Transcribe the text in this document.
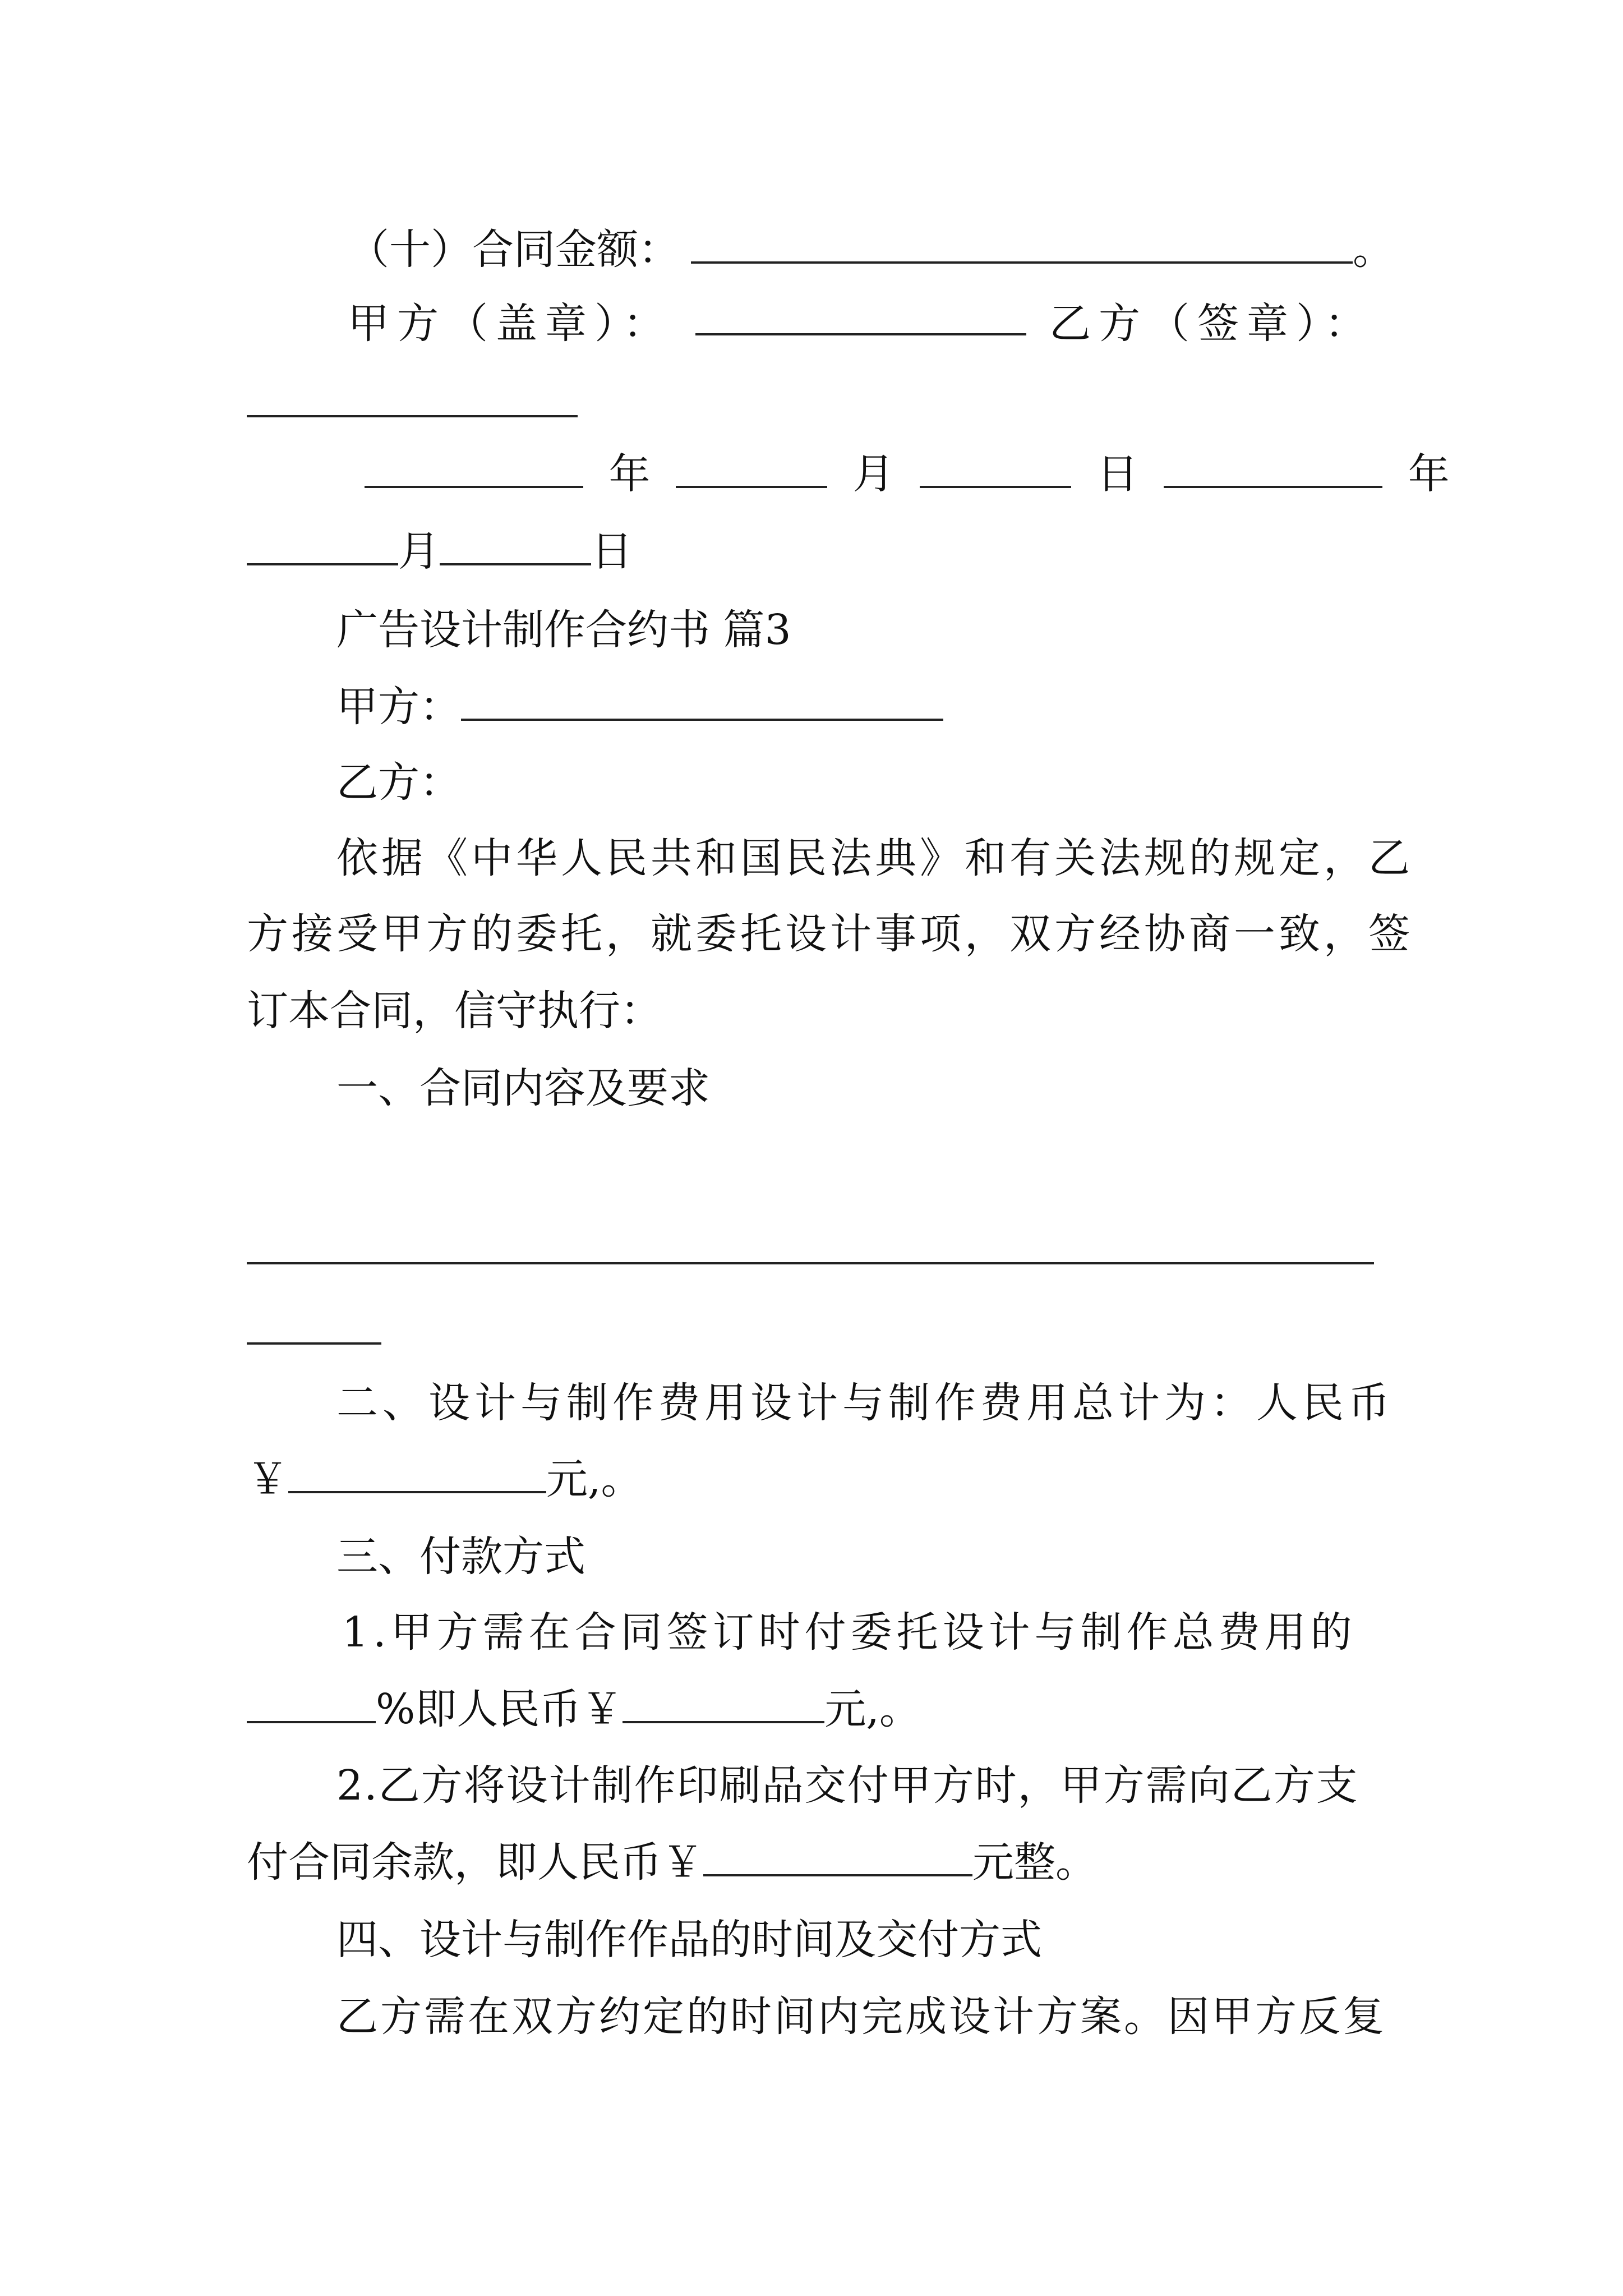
（十）合同金额：	。
甲方（盖章）：	乙方（签章）：
年	月	日	年
月	日
广告设计制作合约书 篇3
甲方：
乙方：
依据《中华人民共和国民法典》和有关法规的规定，乙
方接受甲方的委托，就委托设计事项，双方经协商一致，签
订本合同，信守执行：
一、合同内容及要求
二、设计与制作费用设计与制作费用总计为：人民币
￥	元,。
三、付款方式
1.甲方需在合同签订时付委托设计与制作总费用的
%即人民币￥	元,。
2.乙方将设计制作印刷品交付甲方时，甲方需向乙方支
付合同余款，即人民币￥	元整。
四、设计与制作作品的时间及交付方式
乙方需在双方约定的时间内完成设计方案。因甲方反复
